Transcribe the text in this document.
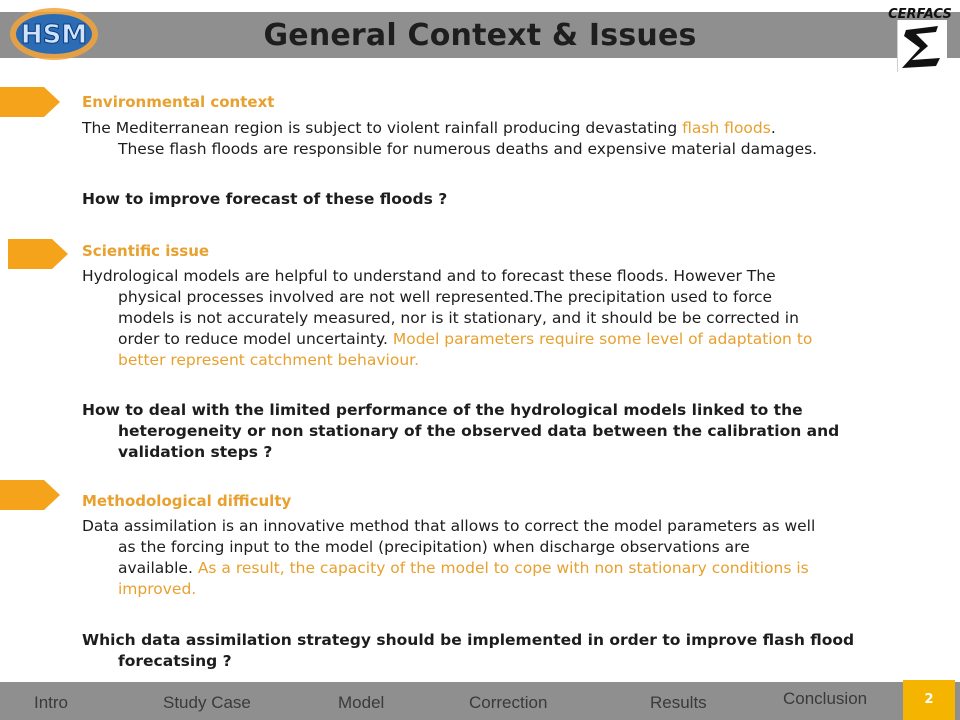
General Context & Issues
HSM
CERFACS
Environmental context
The Mediterranean region is subject to violent rainfall producing devastating flash floods.
These flash floods are responsible for numerous deaths and expensive material damages.
How to improve forecast of these floods ?
Scientific issue
Hydrological models are helpful to understand and to forecast these floods. However The
physical processes involved are not well represented.The precipitation used to force
models is not accurately measured, nor is it stationary, and it should be be corrected in
order to reduce model uncertainty. Model parameters require some level of adaptation to
better represent catchment behaviour.
How to deal with the limited performance of the hydrological models linked to the
heterogeneity or non stationary of the observed data between the calibration and
validation steps ?
Methodological difficulty
Data assimilation is an innovative method that allows to correct the model parameters as well
as the forcing input to the model (precipitation) when discharge observations are
available. As a result, the capacity of the model to cope with non stationary conditions is
improved.
Which data assimilation strategy should be implemented in order to improve flash flood
forecatsing ?
Intro	Study Case	Model	Correction	Results	Conclusion	2
